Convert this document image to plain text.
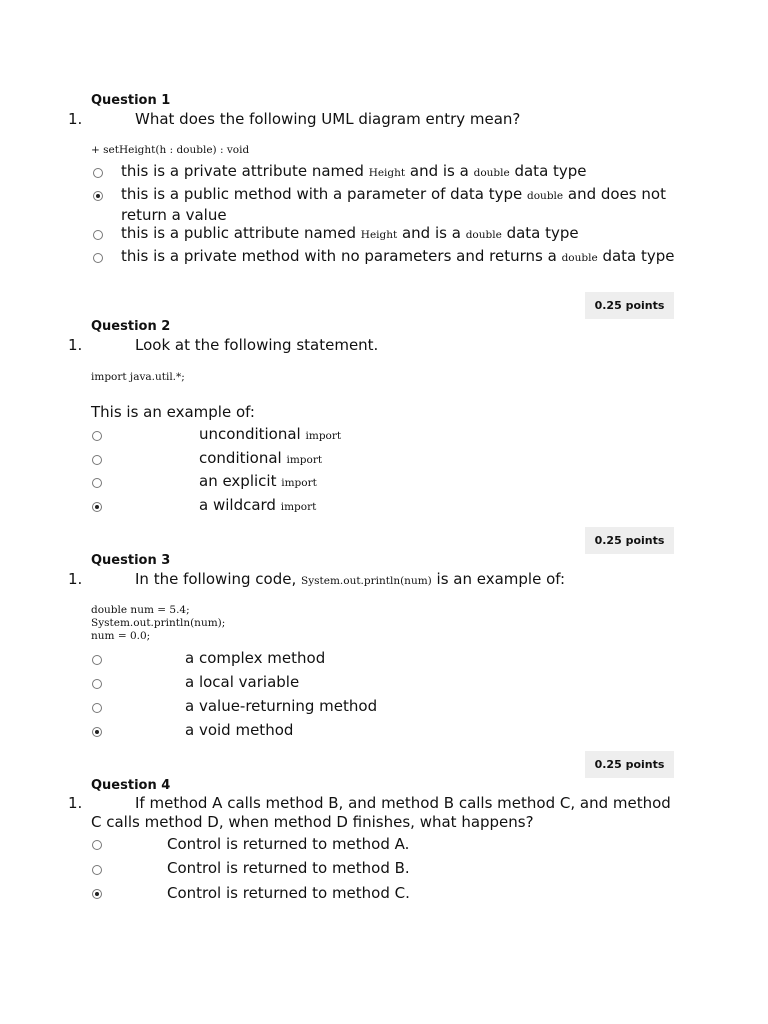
Question 1
1.	What does the following UML diagram entry mean?
+ setHeight(h : double) : void
this is a private attribute named Height and is a double data type
this is a public method with a parameter of data type double and does not return a value
this is a public attribute named Height and is a double data type
this is a private method with no parameters and returns a double data type
0.25 points
Question 2
1.	Look at the following statement.
import java.util.*;
This is an example of:
unconditional import
conditional import
an explicit import
a wildcard import
0.25 points
Question 3
1.	In the following code, System.out.println(num) is an example of:
double num = 5.4;
System.out.println(num);
num = 0.0;
a complex method
a local variable
a value-returning method
a void method
0.25 points
Question 4
1.	If method A calls method B, and method B calls method C, and method C calls method D, when method D finishes, what happens?
Control is returned to method A.
Control is returned to method B.
Control is returned to method C.
